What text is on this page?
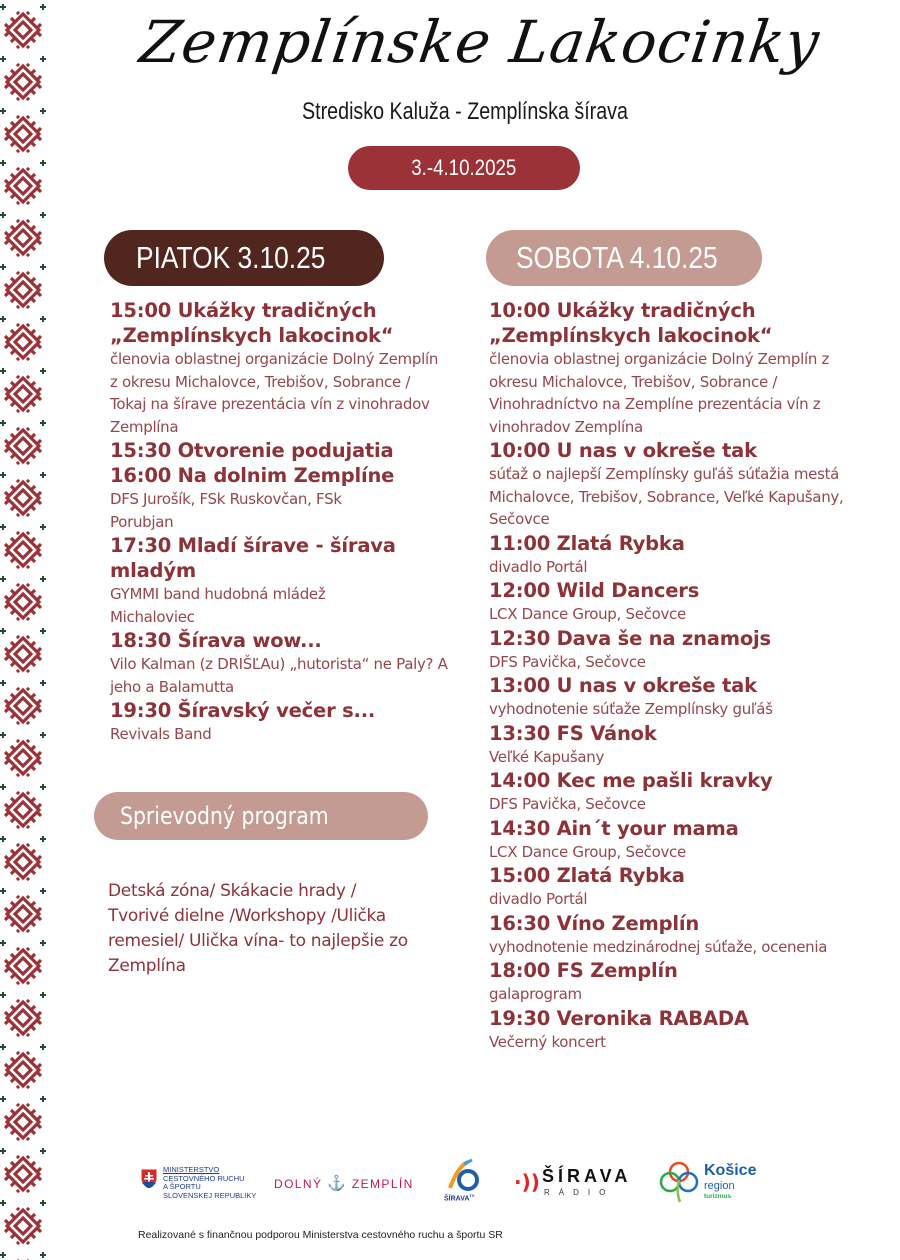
Zemplínske Lakocinky
Stredisko Kaluža - Zemplínska šírava
3.-4.10.2025
PIATOK 3.10.25	SOBOTA 4.10.25
15:00 Ukážky tradičných „Zemplínskych lakocinok“
členovia oblastnej organizácie Dolný Zemplín z okresu Michalovce, Trebišov, Sobrance / Tokaj na šírave prezentácia vín z vinohradov Zemplína
15:30 Otvorenie podujatia
16:00 Na dolnim Zemplíne
DFS Jurošík, FSk Ruskovčan, FSk Porubjan
17:30 Mladí šírave - šírava mladým
GYMMI band hudobná mládež Michaloviec
18:30 Šírava wow...
Vilo Kalman (z DRIŠĽAu) „hutorista“ ne Paly? A jeho a Balamutta
19:30 Šíravský večer s...
Revivals Band
Sprievodný program
Detská zóna/ Skákacie hrady / Tvorivé dielne /Workshopy /Ulička remesiel/ Ulička vína- to najlepšie zo Zemplína
10:00 Ukážky tradičných „Zemplínskych lakocinok“
členovia oblastnej organizácie Dolný Zemplín z okresu Michalovce, Trebišov, Sobrance / Vinohradníctvo na Zemplíne prezentácia vín z vinohradov Zemplína
10:00 U nas v okreše tak
súťaž o najlepší Zemplínsky guľáš súťažia mestá Michalovce, Trebišov, Sobrance, Veľké Kapušany, Sečovce
11:00 Zlatá Rybka
divadlo Portál
12:00 Wild Dancers
LCX Dance Group, Sečovce
12:30 Dava še na znamojs
DFS Pavička, Sečovce
13:00 U nas v okreše tak
vyhodnotenie súťaže Zemplínsky guľáš
13:30 FS Vánok
Veľké Kapušany
14:00 Kec me pašli kravky
DFS Pavička, Sečovce
14:30 Ain´t your mama
LCX Dance Group, Sečovce
15:00 Zlatá Rybka
divadlo Portál
16:30 Víno Zemplín
vyhodnotenie medzinárodnej súťaže, ocenenia
18:00 FS Zemplín
galaprogram
19:30 Veronika RABADA
Večerný koncert
MINISTERSTVO
CESTOVNÉHO RUCHU
A ŠPORTU
SLOVENSKEJ REPUBLIKY
DOLNÝ ⚓ ZEMPLÍN
$ŠÍRAVA^{TV}$
·)) ŠÍRAVA
RÁDIO
Košice
region
turizmus
Realizované s finančnou podporou Ministerstva cestovného ruchu a športu SR
